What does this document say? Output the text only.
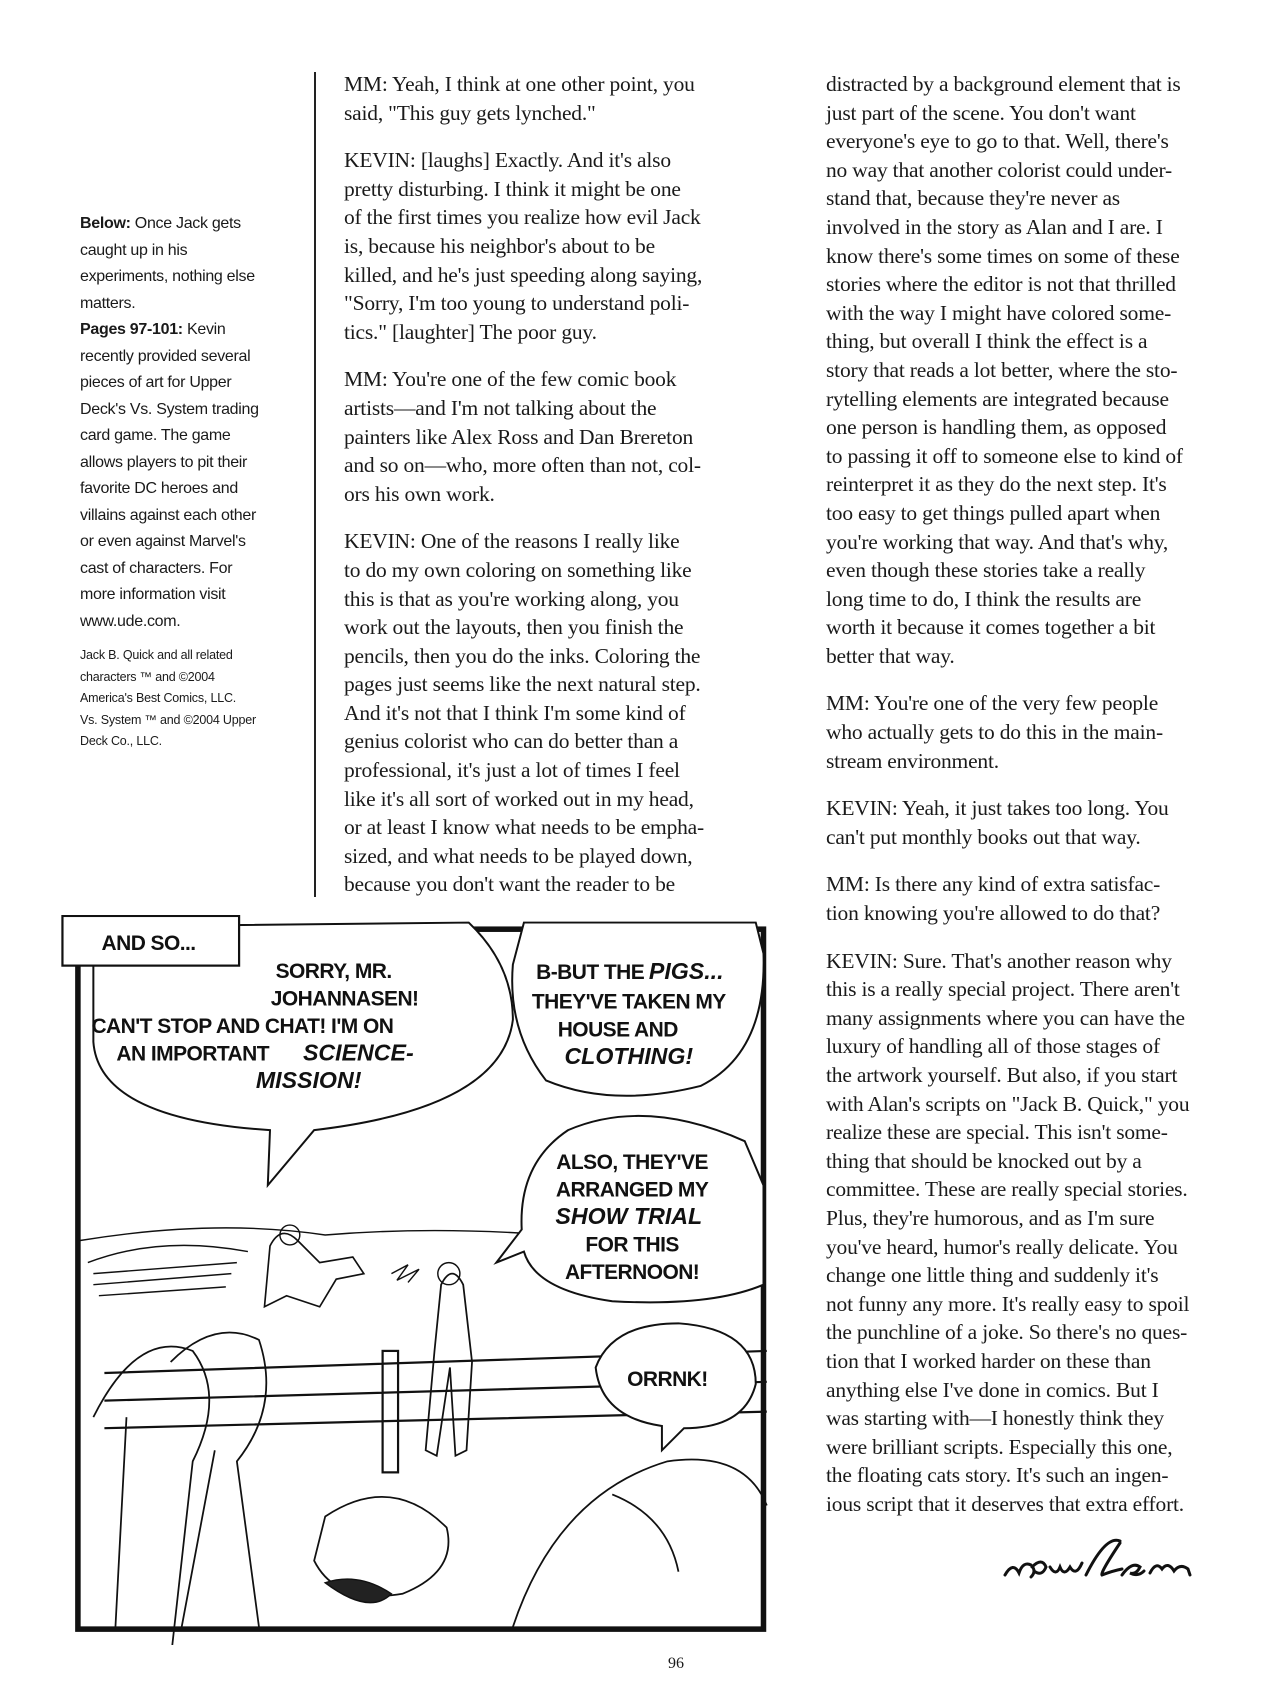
Below: Once Jack gets
caught up in his
experiments, nothing else
matters.
Pages 97-101: Kevin
recently provided several
pieces of art for Upper
Deck's Vs. System trading
card game. The game
allows players to pit their
favorite DC heroes and
villains against each other
or even against Marvel's
cast of characters. For
more information visit
www.ude.com.
Jack B. Quick and all related
characters ™ and ©2004
America's Best Comics, LLC.
Vs. System ™ and ©2004 Upper
Deck Co., LLC.
MM: Yeah, I think at one other point, you
said, "This guy gets lynched."
KEVIN: [laughs] Exactly. And it's also
pretty disturbing. I think it might be one
of the first times you realize how evil Jack
is, because his neighbor's about to be
killed, and he's just speeding along saying,
"Sorry, I'm too young to understand poli-
tics." [laughter] The poor guy.
MM: You're one of the few comic book
artists—and I'm not talking about the
painters like Alex Ross and Dan Brereton
and so on—who, more often than not, col-
ors his own work.
KEVIN: One of the reasons I really like
to do my own coloring on something like
this is that as you're working along, you
work out the layouts, then you finish the
pencils, then you do the inks. Coloring the
pages just seems like the next natural step.
And it's not that I think I'm some kind of
genius colorist who can do better than a
professional, it's just a lot of times I feel
like it's all sort of worked out in my head,
or at least I know what needs to be empha-
sized, and what needs to be played down,
because you don't want the reader to be
distracted by a background element that is
just part of the scene. You don't want
everyone's eye to go to that. Well, there's
no way that another colorist could under-
stand that, because they're never as
involved in the story as Alan and I are. I
know there's some times on some of these
stories where the editor is not that thrilled
with the way I might have colored some-
thing, but overall I think the effect is a
story that reads a lot better, where the sto-
rytelling elements are integrated because
one person is handling them, as opposed
to passing it off to someone else to kind of
reinterpret it as they do the next step. It's
too easy to get things pulled apart when
you're working that way. And that's why,
even though these stories take a really
long time to do, I think the results are
worth it because it comes together a bit
better that way.
MM: You're one of the very few people
who actually gets to do this in the main-
stream environment.
KEVIN: Yeah, it just takes too long. You
can't put monthly books out that way.
MM: Is there any kind of extra satisfac-
tion knowing you're allowed to do that?
KEVIN: Sure. That's another reason why
this is a really special project. There aren't
many assignments where you can have the
luxury of handling all of those stages of
the artwork yourself. But also, if you start
with Alan's scripts on "Jack B. Quick," you
realize these are special. This isn't some-
thing that should be knocked out by a
committee. These are really special stories.
Plus, they're humorous, and as I'm sure
you've heard, humor's really delicate. You
change one little thing and suddenly it's
not funny any more. It's really easy to spoil
the punchline of a joke. So there's no ques-
tion that I worked harder on these than
anything else I've done in comics. But I
was starting with—I honestly think they
were brilliant scripts. Especially this one,
the floating cats story. It's such an ingen-
ious script that it deserves that extra effort.
SORRY, MR. JOHANNASEN! CAN'T STOP AND CHAT! I'M ON
AN IMPORTANT SCIENCE-
MISSION!
B-BUT THE PIGS...
THEY'VE TAKEN MY
HOUSE AND
CLOTHING!
ALSO, THEY'VE
ARRANGED MY
SHOW TRIAL
FOR THIS
AFTERNOON!
ORRNK!
AND SO...
96
